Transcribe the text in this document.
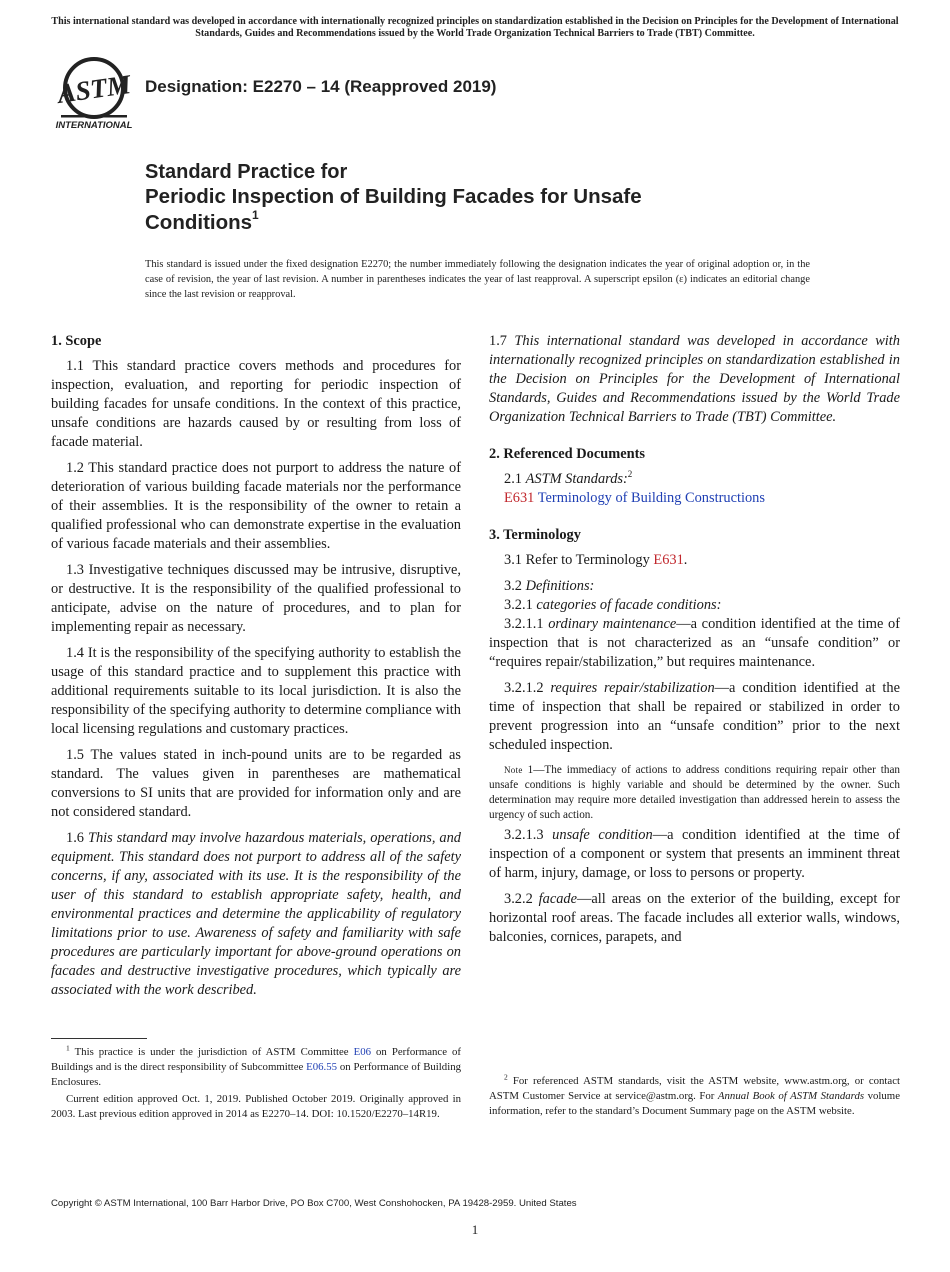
This international standard was developed in accordance with internationally recognized principles on standardization established in the Decision on Principles for the Development of International Standards, Guides and Recommendations issued by the World Trade Organization Technical Barriers to Trade (TBT) Committee.
ASTM
INTERNATIONAL
Designation: E2270 – 14 (Reapproved 2019)
Standard Practice for
Periodic Inspection of Building Facades for Unsafe
Conditions$^1$
This standard is issued under the fixed designation E2270; the number immediately following the designation indicates the year of original adoption or, in the case of revision, the year of last revision. A number in parentheses indicates the year of last reapproval. A superscript epsilon (ε) indicates an editorial change since the last revision or reapproval.
1. Scope

1.1 This standard practice covers methods and procedures for inspection, evaluation, and reporting for periodic inspection of building facades for unsafe conditions. In the context of this practice, unsafe conditions are hazards caused by or resulting from loss of facade material.

1.2 This standard practice does not purport to address the nature of deterioration of various building facade materials nor the performance of their assemblies. It is the responsibility of the owner to retain a qualified professional who can demonstrate expertise in the evaluation of various facade materials and their assemblies.

1.3 Investigative techniques discussed may be intrusive, disruptive, or destructive. It is the responsibility of the qualified professional to anticipate, advise on the nature of procedures, and to plan for implementing repair as necessary.

1.4 It is the responsibility of the specifying authority to establish the usage of this standard practice and to supplement this practice with additional requirements suitable to its local jurisdiction. It is also the responsibility of the specifying authority to determine compliance with local licensing regulations and customary practices.

1.5 The values stated in inch-pound units are to be regarded as standard. The values given in parentheses are mathematical conversions to SI units that are provided for information only and are not considered standard.

1.6 This standard may involve hazardous materials, operations, and equipment. This standard does not purport to address all of the safety concerns, if any, associated with its use. It is the responsibility of the user of this standard to establish appropriate safety, health, and environmental practices and determine the applicability of regulatory limitations prior to use. Awareness of safety and familiarity with safe procedures are particularly important for above-ground operations on facades and destructive investigative procedures, which typically are associated with the work described.

1.7 This international standard was developed in accordance with internationally recognized principles on standardization established in the Decision on Principles for the Development of International Standards, Guides and Recommendations issued by the World Trade Organization Technical Barriers to Trade (TBT) Committee.

2. Referenced Documents

2.1 ASTM Standards:$^2$

E631 Terminology of Building Constructions

3. Terminology

3.1 Refer to Terminology E631.

3.2 Definitions:

3.2.1 categories of facade conditions:

3.2.1.1 ordinary maintenance—a condition identified at the time of inspection that is not characterized as an “unsafe condition” or “requires repair/stabilization,” but requires maintenance.

3.2.1.2 requires repair/stabilization—a condition identified at the time of inspection that shall be repaired or stabilized in order to prevent progression into an “unsafe condition” prior to the next scheduled inspection.

Note 1—The immediacy of actions to address conditions requiring repair other than unsafe conditions is highly variable and should be determined by the owner. Such determination may require more detailed investigation than addressed herein to assess the urgency of such action.

3.2.1.3 unsafe condition—a condition identified at the time of inspection of a component or system that presents an imminent threat of harm, injury, damage, or loss to persons or property.

3.2.2 facade—all areas on the exterior of the building, except for horizontal roof areas. The facade includes all exterior walls, windows, balconies, cornices, parapets, and

$^1$ This practice is under the jurisdiction of ASTM Committee E06 on Performance of Buildings and is the direct responsibility of Subcommittee E06.55 on Performance of Building Enclosures.

Current edition approved Oct. 1, 2019. Published October 2019. Originally approved in 2003. Last previous edition approved in 2014 as E2270–14. DOI: 10.1520/E2270–14R19.

$^2$ For referenced ASTM standards, visit the ASTM website, www.astm.org, or contact ASTM Customer Service at service@astm.org. For Annual Book of ASTM Standards volume information, refer to the standard’s Document Summary page on the ASTM website.

Copyright © ASTM International, 100 Barr Harbor Drive, PO Box C700, West Conshohocken, PA 19428-2959. United States
1
